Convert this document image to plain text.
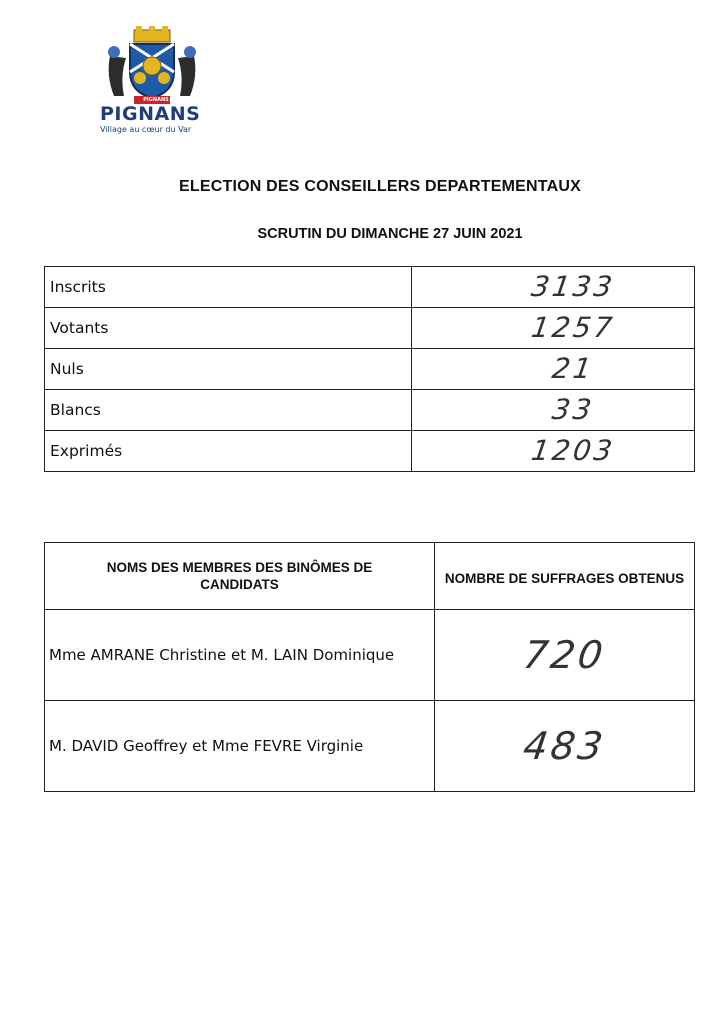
PIGNANS
PIGNANS
Village au cœur du Var
ELECTION DES CONSEILLERS DEPARTEMENTAUX
SCRUTIN DU DIMANCHE 27 JUIN 2021
Inscrits	3133

Votants	1257

Nuls	21

Blancs	33

Exprimés	1203
NOMS DES MEMBRES DES BINÔMES DE CANDIDATS	NOMBRE DE SUFFRAGES OBTENUS
Mme AMRANE Christine et M. LAIN Dominique	720

M. DAVID Geoffrey et Mme FEVRE Virginie	483
